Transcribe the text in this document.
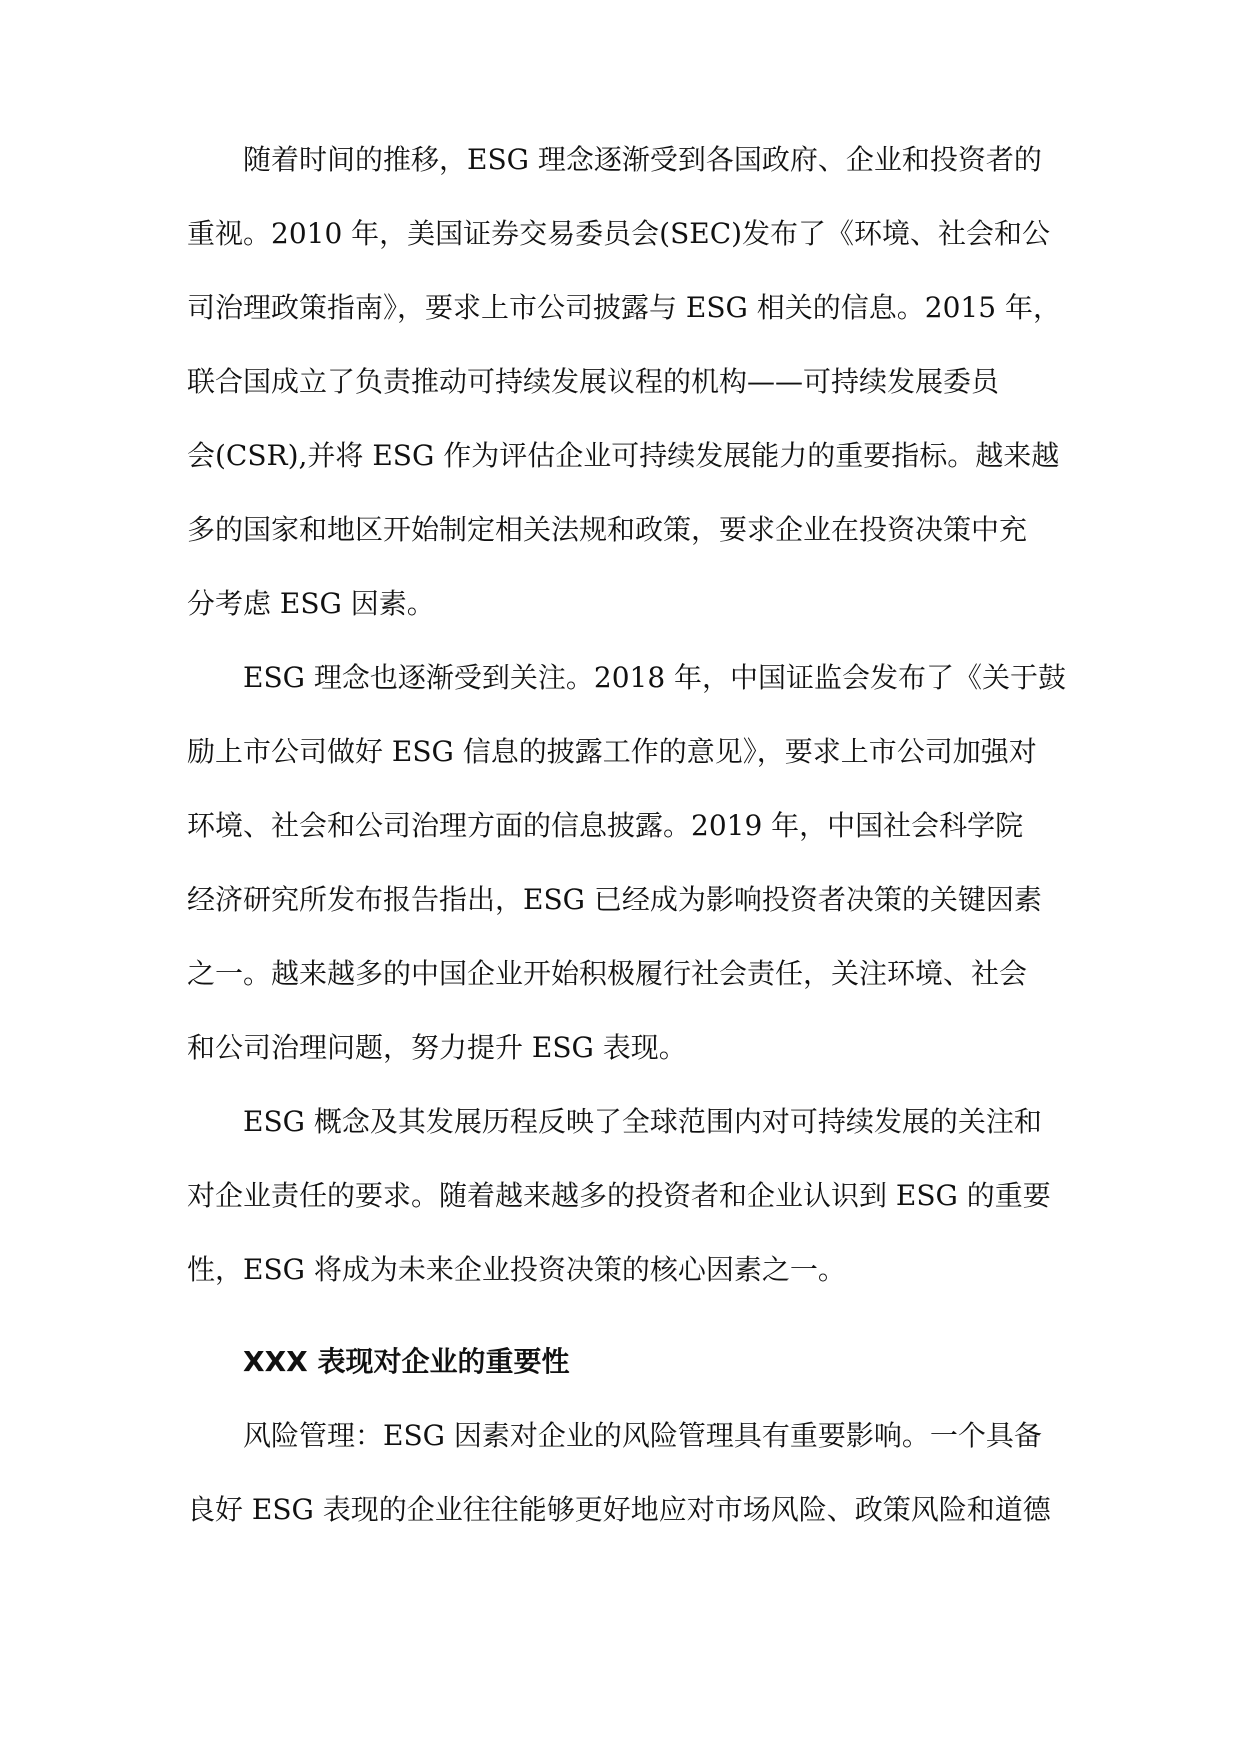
随着时间的推移，ESG 理念逐渐受到各国政府、企业和投资者的
重视。2010 年，美国证券交易委员会(SEC)发布了《环境、社会和公
司治理政策指南》，要求上市公司披露与 ESG 相关的信息。2015 年，
联合国成立了负责推动可持续发展议程的机构——可持续发展委员
会(CSR),并将 ESG 作为评估企业可持续发展能力的重要指标。越来越
多的国家和地区开始制定相关法规和政策，要求企业在投资决策中充
分考虑 ESG 因素。
ESG 理念也逐渐受到关注。2018 年，中国证监会发布了《关于鼓
励上市公司做好 ESG 信息的披露工作的意见》，要求上市公司加强对
环境、社会和公司治理方面的信息披露。2019 年，中国社会科学院
经济研究所发布报告指出，ESG 已经成为影响投资者决策的关键因素
之一。越来越多的中国企业开始积极履行社会责任，关注环境、社会
和公司治理问题，努力提升 ESG 表现。
ESG 概念及其发展历程反映了全球范围内对可持续发展的关注和
对企业责任的要求。随着越来越多的投资者和企业认识到 ESG 的重要
性，ESG 将成为未来企业投资决策的核心因素之一。
XXX 表现对企业的重要性
风险管理：ESG 因素对企业的风险管理具有重要影响。一个具备
良好 ESG 表现的企业往往能够更好地应对市场风险、政策风险和道德
